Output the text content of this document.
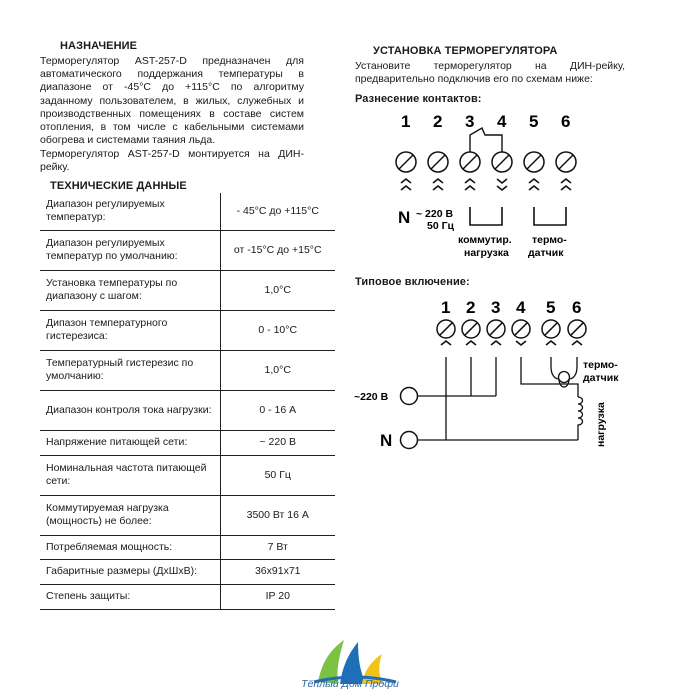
НАЗНАЧЕНИЕ
Терморегулятор AST-257-D предназначен для автоматического поддержания температуры в диапазоне от -45°С до +115°С по алгоритму заданному пользователем, в жилых, служебных и производственных помещениях в составе систем отопления, в том числе с кабельными системами обогрева и системами таяния льда.
Терморегулятор AST-257-D монтируется на ДИН-рейку.
ТЕХНИЧЕСКИЕ ДАННЫЕ
Диапазон регулируемых температур:	- 45°С до +115°С
Диапазон регулируемых температур по умолчанию:	от -15°С до +15°С
Установка температуры по диапазону с шагом:	1,0°С
Дипазон температурного гистерезиса:	0 - 10°С
Температурный гистерезис по умолчанию:	1,0°С
Диапазон контроля тока нагрузки:	0 - 16 А
Напряжение питающей сети:	~ 220 В
Номинальная частота питающей сети:	50 Гц
Коммутируемая нагрузка (мощность) не более:	3500 Вт 16 А
Потребляемая мощность:	7 Вт
Габаритные размеры (ДхШхВ):	36х91х71
Степень защиты:	IP 20
УСТАНОВКА ТЕРМОРЕГУЛЯТОРА
Установите терморегулятор на ДИН-рейку, предварительно подключив его по схемам ниже:
Разнесение контактов:
Типовое включение:
1 2 3 4 5 6
N ~ 220 В
50 Гц
коммутир.
нагрузка
термо-
датчик
1 2 3 4 5 6
~220 В
N
термо-
датчик
нагрузка
Тёплый Дом Профи
